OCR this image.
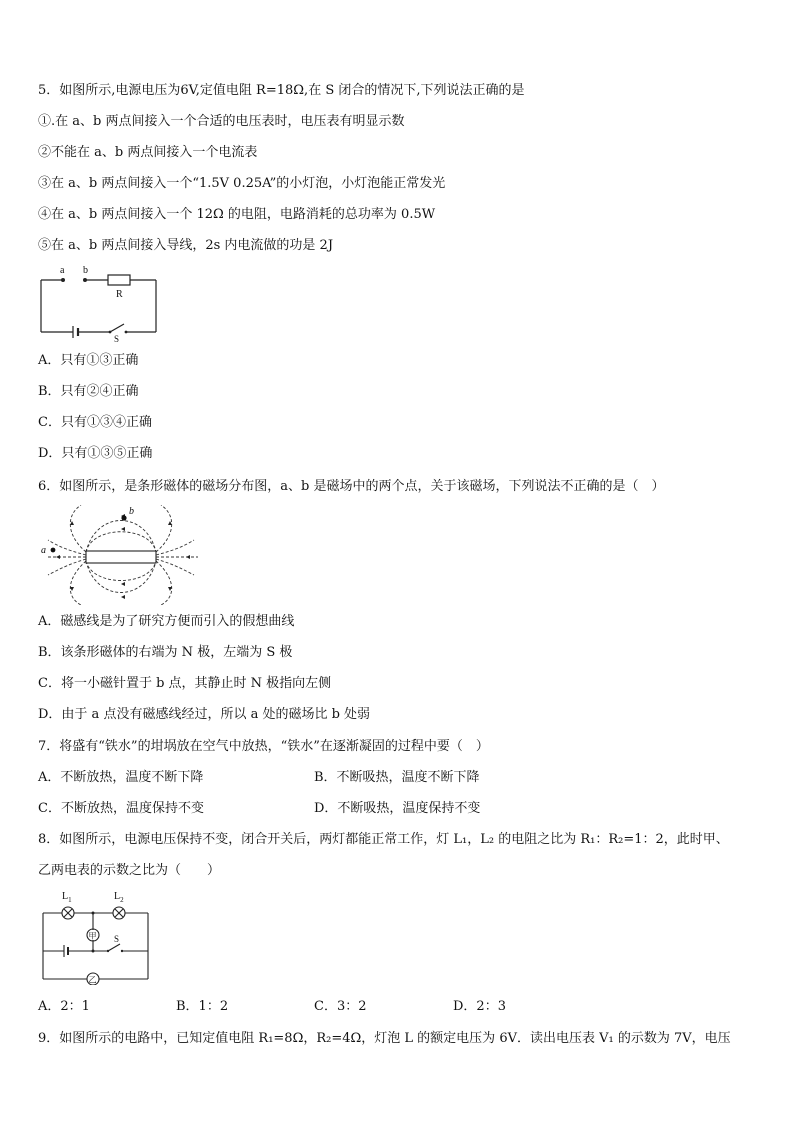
5．如图所示,电源电压为6V,定值电阻 R=18Ω,在 S 闭合的情况下,下列说法正确的是
①.在 a、b 两点间接入一个合适的电压表时，电压表有明显示数
②不能在 a、b 两点间接入一个电流表
③在 a、b 两点间接入一个“1.5V 0.25A”的小灯泡，小灯泡能正常发光
④在 a、b 两点间接入一个 12Ω 的电阻，电路消耗的总功率为 0.5W
⑤在 a、b 两点间接入导线，2s 内电流做的功是 2J
a b
R
S
A．只有①③正确
B．只有②④正确
C．只有①③④正确
D．只有①③⑤正确
6．如图所示，是条形磁体的磁场分布图，a、b 是磁场中的两个点，关于该磁场，下列说法不正确的是（　）
b
a
A．磁感线是为了研究方便而引入的假想曲线
B．该条形磁体的右端为 N 极，左端为 S 极
C．将一小磁针置于 b 点，其静止时 N 极指向左侧
D．由于 a 点没有磁感线经过，所以 a 处的磁场比 b 处弱
7．将盛有“铁水”的坩埚放在空气中放热，“铁水”在逐渐凝固的过程中要（　）
A．不断放热，温度不断下降	B．不断吸热，温度不断下降
C．不断放热，温度保持不变	D．不断吸热，温度保持不变
8．如图所示，电源电压保持不变，闭合开关后，两灯都能正常工作，灯 L₁，L₂ 的电阻之比为 R₁：R₂=1：2，此时甲、
乙两电表的示数之比为（　　）
$L_1$	$L_2$
S
甲
乙
A．2：1	B．1：2	C．3：2	D．2：3
9．如图所示的电路中，已知定值电阻 R₁=8Ω，R₂=4Ω，灯泡 L 的额定电压为 6V．读出电压表 V₁ 的示数为 7V，电压
